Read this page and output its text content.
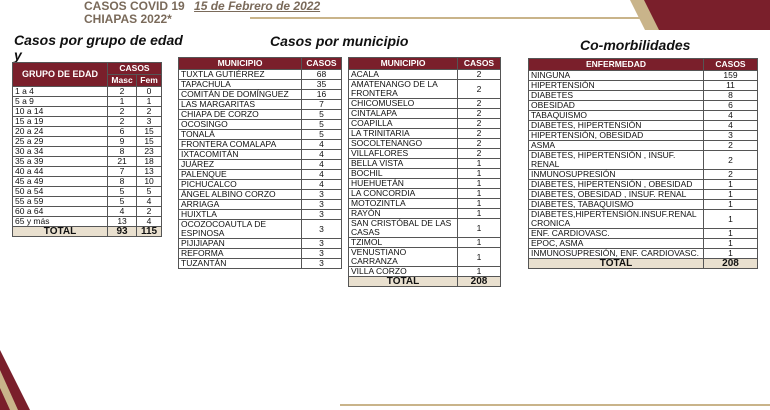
CASOS COVID 19 15 de Febrero de 2022
CHIAPAS 2022*
Casos por grupo de edad y
GRUPO DE EDAD	CASOS	
	Masc	Fem
1 a 4	2	0
5 a 9	1	1
10 a 14	2	2
15 a 19	2	3
20 a 24	6	15
25 a 29	9	15
30 a 34	8	23
35 a 39	21	18
40 a 44	7	13
45 a 49	8	10
50 a 54	5	5
55 a 59	5	4
60 a 64	4	2
65 y más	13	4
TOTAL	93	115
Casos por municipio
MUNICIPIO	CASOS
TUXTLA GUTIÉRREZ	68
TAPACHULA	35
COMITÁN DE DOMÍNGUEZ	16
LAS MARGARITAS	7
CHIAPA DE CORZO	5
OCOSINGO	5
TONALÁ	5
FRONTERA COMALAPA	4
IXTACOMITÁN	4
JUÁREZ	4
PALENQUE	4
PICHUCALCO	4
ÁNGEL ALBINO CORZO	3
ARRIAGA	3
HUIXTLA	3
OCOZOCOAUTLA DE ESPINOSA	3
PIJIJIAPAN	3
REFORMA	3
TUZANTÁN	3
MUNICIPIO	CASOS
ACALA	2
AMATENANGO DE LA FRONTERA	2
CHICOMUSELO	2
CINTALAPA	2
COAPILLA	2
LA TRINITARIA	2
SOCOLTENANGO	2
VILLAFLORES	2
BELLA VISTA	1
BOCHIL	1
HUEHUETÁN	1
LA CONCORDIA	1
MOTOZINTLA	1
RAYÓN	1
SAN CRISTÓBAL DE LAS CASAS	1
TZIMOL	1
VENUSTIANO CARRANZA	1
VILLA CORZO	1
TOTAL	208
Co-morbilidades
ENFERMEDAD	CASOS
NINGUNA	159
HIPERTENSIÓN	11
DIABETES	8
OBESIDAD	6
TABAQUISMO	4
DIABETES, HIPERTENSIÓN	4
HIPERTENSIÓN, OBESIDAD	3
ASMA	2
DIABETES, HIPERTENSIÓN , INSUF. RENAL	2
INMUNOSUPRESIÓN	2
DIABETES, HIPERTENSIÓN , OBESIDAD	1
DIABETES, OBESIDAD , INSUF. RENAL	1
DIABETES, TABAQUISMO	1
DIABETES,HIPERTENSIÓN.INSUF.RENAL CRONICA	1
ENF. CARDIOVASC.	1
EPOC, ASMA	1
INMUNOSUPRESIÓN, ENF. CARDIOVASC.	1
TOTAL	208
